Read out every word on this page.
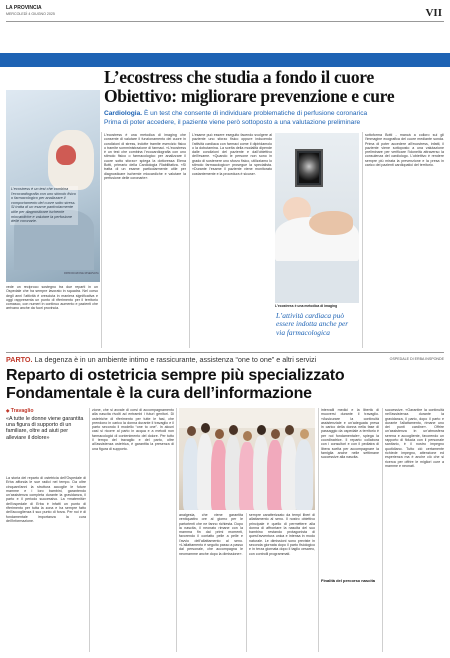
LA PROVINCIA
MERCOLEDÌ 4 GIUGNO 2025	VII
L’ecostress è un test che combina l’ecocardiografia con uno stimolo fisico o farmacologico per analizzare il comportamento del cuore sotto stress. Si tratta di un esame particolarmente utile per diagnosticare ischemie miocardiche e valutare la perfusione delle coronarie.
RIPRODUZIONE RISERVATA
L’ecostress che studia a fondo il cuore
Obiettivo: migliorare prevenzione e cure
Cardiologia. È un test che consente di individuare problematiche di perfusione coronarica
Prima di poter accedere, il paziente viene però sottoposto a una valutazione preliminare
vede un reciproco sostegno tra due reparti in un Ospedale che ha sempre lavorato in squadra. Nel corso degli anni l’attività è cresciuta in maniera significativa e oggi rappresenta un punto di riferimento per il territorio comasco, con numeri in continuo aumento e pazienti che arrivano anche da fuori provincia.
L’ecostress è una metodica di imaging che consente di valutare il funzionamento del cuore in condizioni di stress, indotte tramite esercizio fisico o tramite somministrazione di farmaci. «L’ecostress è un test che combina l’ecocardiografia con uno stimolo fisico o farmacologico per analizzare il cuore sotto sforzo» spiega la dottoressa Elena Botti, primario della Cardiologia Riabilitativa. «Si tratta di un esame particolarmente utile per diagnosticare ischemie miocardiche e valutare la perfusione delle coronarie».
L’esame può essere eseguito facendo svolgere al paziente uno sforzo fisico oppure inducendo l’attività cardiaca con farmaci come il dipiridamolo o la dobutamina. La scelta della modalità dipende dalle condizioni del paziente e dall’obiettivo dell’esame. «Quando le persone non sono in grado di sostenere uno sforzo fisico, utilizziamo lo stimolo farmacologico» prosegue la specialista. «Durante l’esame il paziente viene monitorato costantemente e la procedura è sicura».
L’ecostress è una metodica di imaging
L’attività cardiaca può essere indotta anche per via farmacologica
sottoforma Botti - mancà a colloro sui gli l’immagine ecografica del cuore mediante sonda. Prima di poter accedere all’ecostress, infatti, il paziente viene sottoposto a una valutazione preliminare per verificare l’idoneità attraverso la consulenza del cardiologo. L’obiettivo è rendere sempre più mirata la prevenzione e la presa in carico dei pazienti cardiopatici del territorio.
PARTO. La degenza è in un ambiente intimo e rassicurante, assistenza “one to one” e altri servizi	OSPEDALE DI ERBA INSPONDE
Reparto di ostetricia sempre più specializzato
Fondamentale è la cura dell’informazione
◆ Travaglio
«A tutte le donne viene garantita una figura di supporto di un familiare, oltre ad aiuti per alleviare il dolore»
La storia del reparto di ostetricia dell’Ospedale di Erba affonda le sue radici nel tempo. Da oltre cinquant’anni la struttura accoglie le future mamme e i loro bambini, garantendo un’assistenza completa durante la gravidanza, il parto e il periodo successivo. La «maternità» dell’ospedale di Erba è infatti un punto di riferimento per tutta la zona e ha sempre fatto dell’accoglienza il suo punto di forza. Per noi è di fondamentale importanza la cura dell’informazione.
zione, che si avvale di corsi di accompagnamento alla nascita rivolti ad entrambi i futuri genitori. Di ostetriche di riferimento per tutte le fasi, che prendono in carico la donna durante il travaglio e il parto secondo il modello “one to one”. In alcuni casi si ricorre al parto in acqua e a metodi non farmacologici di contenimento del dolore. Per tutto il tempo del travaglio e del parto, oltre all’assistenza ostetrica, è garantita la presenza di una figura di supporto.
analgesia, che viene garantita ventiquattro ore al giorno per le partorienti che ne fanno richiesta. Dopo la nascita, il neonato rimane con la mamma fin dai primi momenti, favorendo il contatto pelle a pelle e l’avvio dell’allattamento al seno. «L’allattamento è seguito passo a passo dal personale, che accompagna le neomamme anche dopo la dimissione».
sempre caratterizzato da tempi liberi di allattamento al seno. Il nostro obiettivo principale è quello di permettere alla donna di affrontare la nascita del suo bambino restando protagonista di quest’avventura unica e intensa in modo naturale. Le dimissioni sono previste in seconda giornata dopo il parto fisiologico e in terza giornata dopo il taglio cesareo, con controlli programmati.
intervalli medici e la libertà di muoversi durante il travaglio. «Assicurare la continuità assistenziale e un’adeguata presa in carico della donna nella fase di passaggio da ospedale a territorio è per noi fondamentale», spiega la coordinatrice. Il reparto collabora con i consultori e con il pediatra di libera scelta per accompagnare la famiglia anche nelle settimane successive alla nascita.
Finalità del percorso nascita
successive. «Garantire la continuità nell’assistenza durante la gravidanza, il parto, dopo il parto e durante l’allattamento, rimane uno dei punti cardine». Offrire un’assistenza in un’atmosfera serena e accogliente, favorendo un rapporto di fiducia con il personale sanitario, è il nostro impegno quotidiano. Tutto ciò certamente richiede impegno, attenzione ed esperienza ma è anche ciò che si ricerca per offrire le migliori cure a mamme e neonati.
